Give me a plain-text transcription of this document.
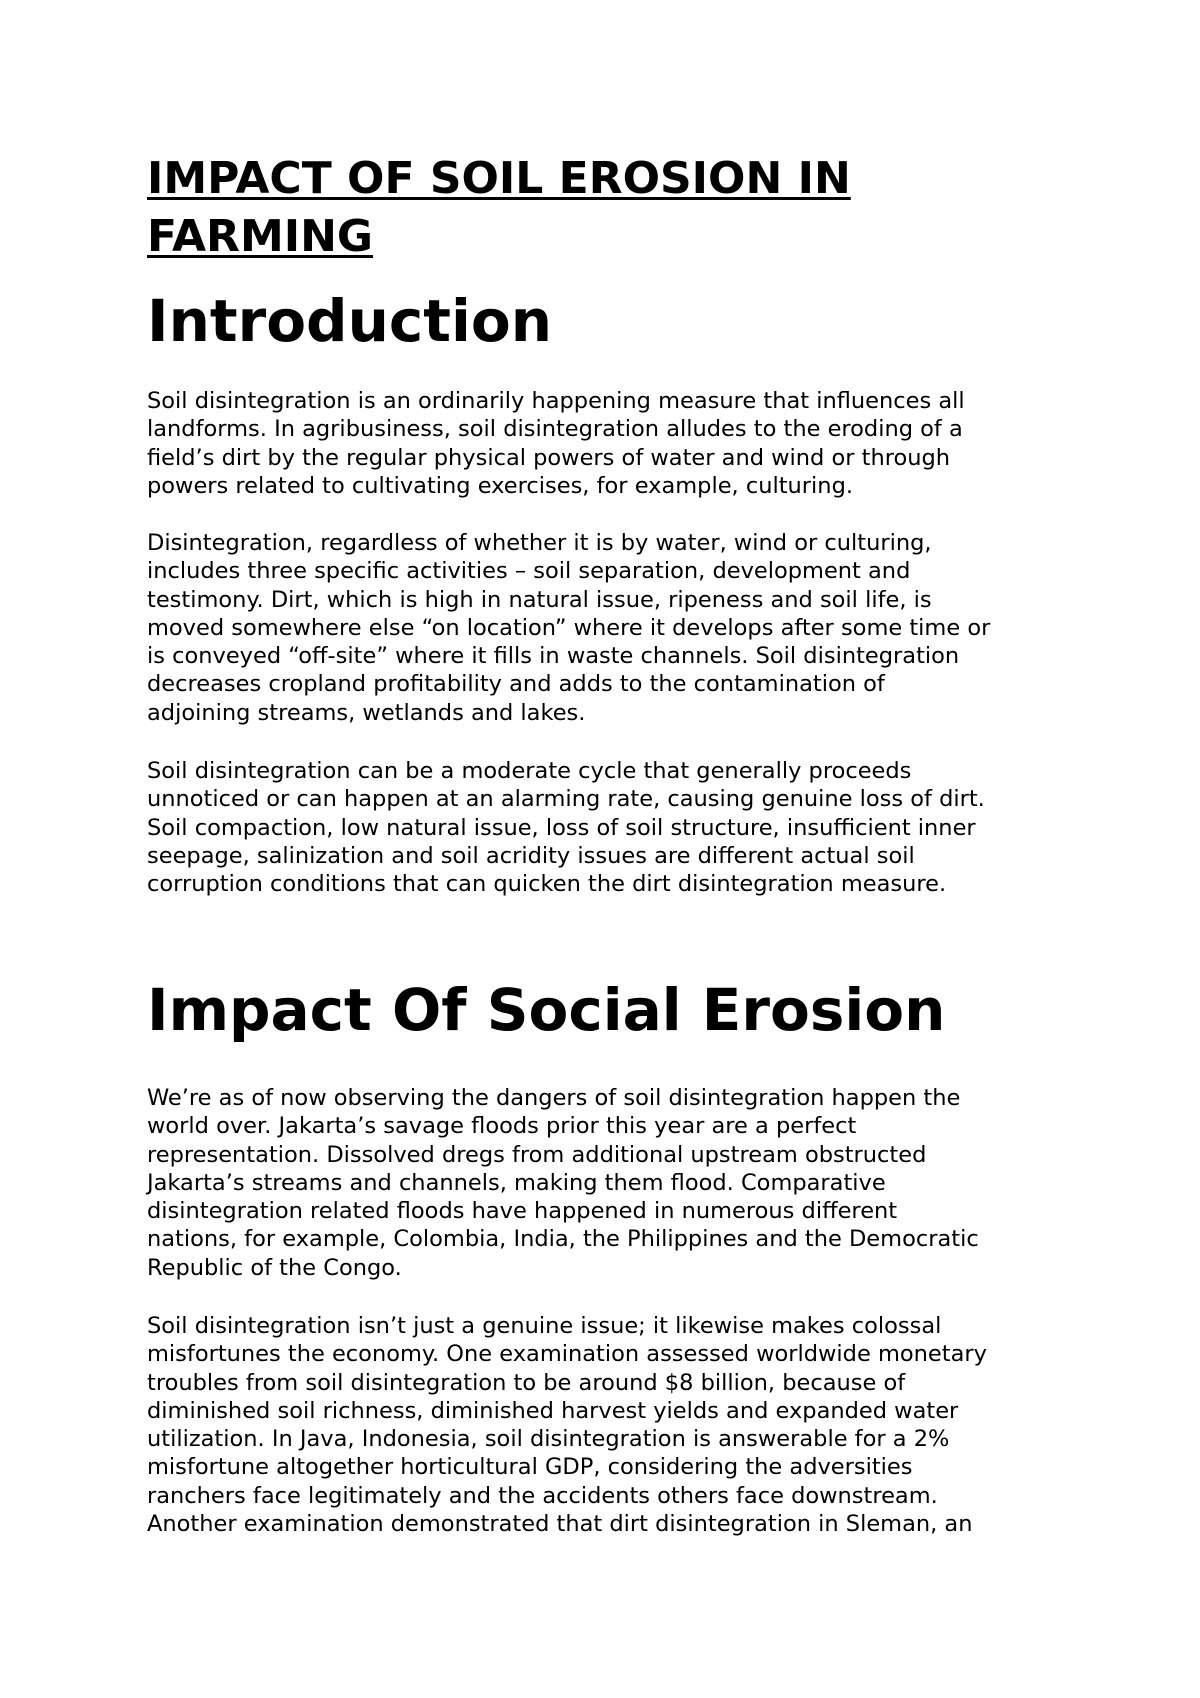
IMPACT OF SOIL EROSION IN
FARMING
Introduction

Soil disintegration is an ordinarily happening measure that influences all
landforms. In agribusiness, soil disintegration alludes to the eroding of a
field’s dirt by the regular physical powers of water and wind or through
powers related to cultivating exercises, for example, culturing.

Disintegration, regardless of whether it is by water, wind or culturing,
includes three specific activities – soil separation, development and
testimony. Dirt, which is high in natural issue, ripeness and soil life, is
moved somewhere else “on location” where it develops after some time or
is conveyed “off-site” where it fills in waste channels. Soil disintegration
decreases cropland profitability and adds to the contamination of
adjoining streams, wetlands and lakes.

Soil disintegration can be a moderate cycle that generally proceeds
unnoticed or can happen at an alarming rate, causing genuine loss of dirt.
Soil compaction, low natural issue, loss of soil structure, insufficient inner
seepage, salinization and soil acridity issues are different actual soil
corruption conditions that can quicken the dirt disintegration measure.

Impact Of Social Erosion

We’re as of now observing the dangers of soil disintegration happen the
world over. Jakarta’s savage floods prior this year are a perfect
representation. Dissolved dregs from additional upstream obstructed
Jakarta’s streams and channels, making them flood. Comparative
disintegration related floods have happened in numerous different
nations, for example, Colombia, India, the Philippines and the Democratic
Republic of the Congo.

Soil disintegration isn’t just a genuine issue; it likewise makes colossal
misfortunes the economy. One examination assessed worldwide monetary
troubles from soil disintegration to be around $8 billion, because of
diminished soil richness, diminished harvest yields and expanded water
utilization. In Java, Indonesia, soil disintegration is answerable for a 2%
misfortune altogether horticultural GDP, considering the adversities
ranchers face legitimately and the accidents others face downstream.
Another examination demonstrated that dirt disintegration in Sleman, an
